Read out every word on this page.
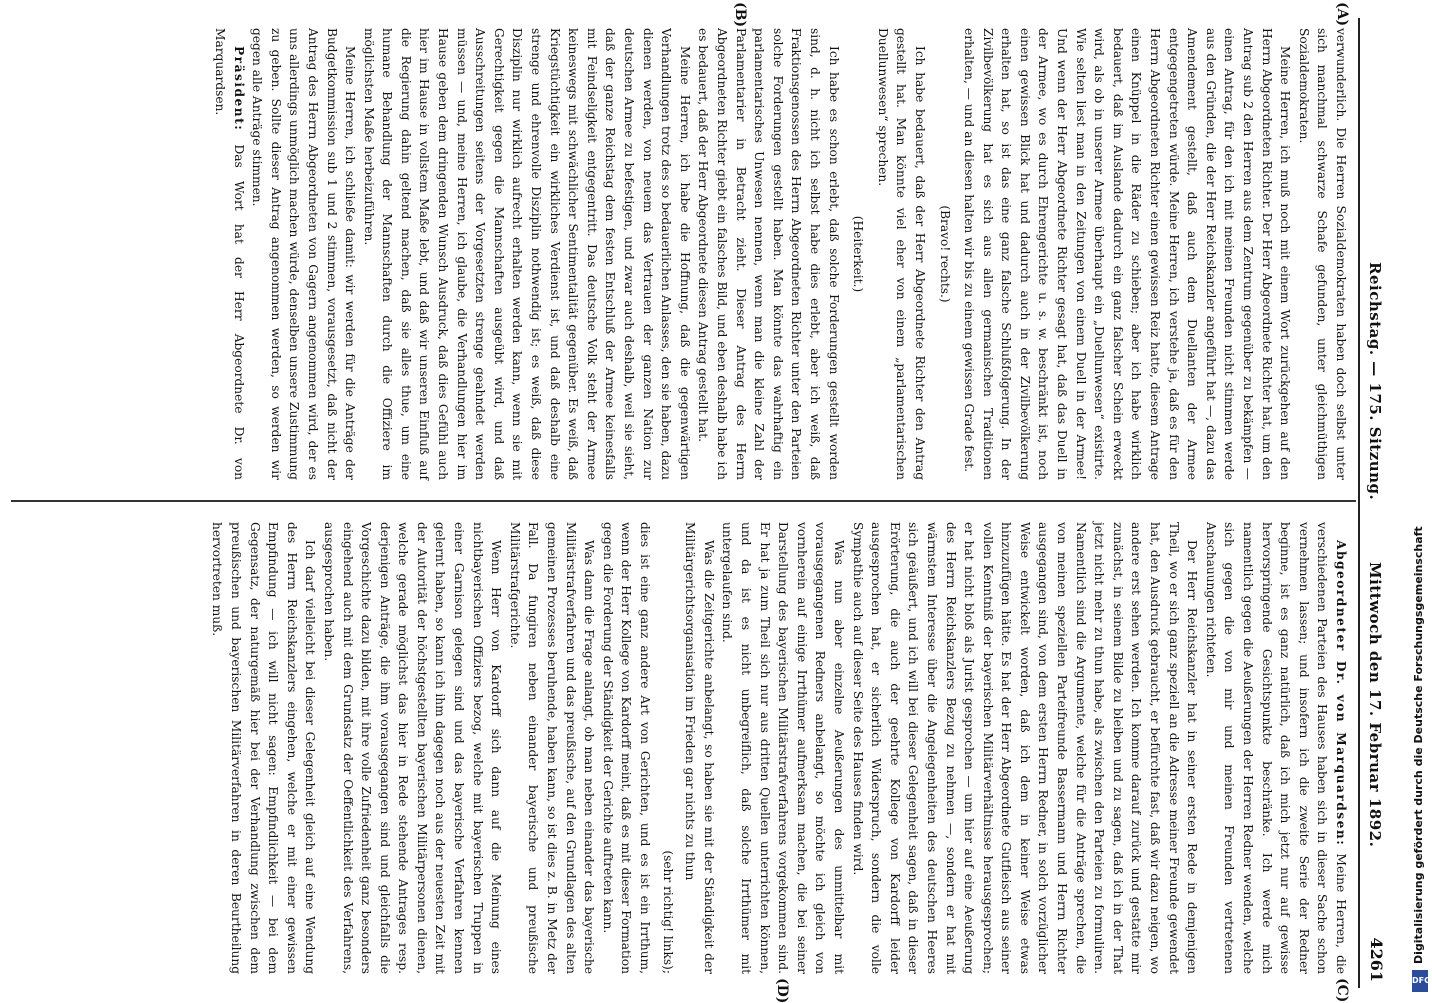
Reichstag. — 175. Sitzung.
Mittwoch den 17. Februar 1892.
4261
(A)
(B)
(C)
(D)

verwunderlich. Die Herren Sozialdemokraten haben doch selbst unter sich manchmal schwarze Schafe gefunden, unter gleichmüthigen Sozialdemokraten.

Meine Herren, ich muß noch mit einem Wort zurückgehen auf den Herrn Abgeordneten Richter. Der Herr Abgeordnete Richter hat, um den Antrag sub 2 den Herren aus dem Zentrum gegenüber zu bekämpfen — einen Antrag, für den ich mit meinen Freunden nicht stimmen werde aus den Gründen, die der Herr Reichskanzler angeführt hat —, dazu das Amendement gestellt, daß auch dem Duellanten der Armee entgegengetreten würde. Meine Herren, ich verstehe ja, daß es für den Herrn Abgeordneten Richter einen gewissen Reiz hatte, diesem Antrage einen Knüppel in die Räder zu schieben; aber ich habe wirklich bedauert, daß im Auslande dadurch ein ganz falscher Schein erweckt wird, als ob in unserer Armee überhaupt ein „Duellunwesen“ existirte. Wie selten liest man in den Zeitungen von einem Duell in der Armee! Und wenn der Herr Abgeordnete Richter gesagt hat, daß das Duell in der Armee, wo es durch Ehrengerichte u. s. w. beschränkt ist, noch einen gewissen Blick hat und dadurch auch in der Zivilbevölkerung erhalten hat, so ist das eine ganz falsche Schlußfolgerung. In der Zivilbevölkerung hat es sich aus allen germanischen Traditionen erhalten, — und an diesen halten wir bis zu einem gewissen Grade fest.

(Bravo! rechts.)

Ich habe bedauert, daß der Herr Abgeordnete Richter den Antrag gestellt hat. Man könnte viel eher von einem „parlamentarischen Duellunwesen“ sprechen.

(Heiterkeit.)

Ich habe es schon erlebt, daß solche Forderungen gestellt worden sind, d. h. nicht ich selbst habe dies erlebt, aber ich weiß, daß Fraktionsgenossen des Herrn Abgeordneten Richter unter den Parteien solche Forderungen gestellt haben. Man könnte das wahrhaftig ein parlamentarisches Unwesen nennen, wenn man die kleine Zahl der Parlamentarier in Betracht zieht. Dieser Antrag des Herrn Abgeordneten Richter giebt ein falsches Bild, und eben deshalb habe ich es bedauert, daß der Herr Abgeordnete diesen Antrag gestellt hat.

Meine Herren, ich habe die Hoffnung, daß die gegenwärtigen Verhandlungen trotz des so bedauerlichen Anlasses, den sie haben, dazu dienen werden, von neuem das Vertrauen der ganzen Nation zur deutschen Armee zu befestigen, und zwar auch deshalb, weil sie sieht, daß der ganze Reichstag dem festen Entschluß der Armee keinesfalls mit Feindseligkeit entgegentritt. Das deutsche Volk steht der Armee keineswegs mit schwächlicher Sentimentalität gegenüber. Es weiß, daß Kriegstüchtigkeit ein wirkliches Verdienst ist, und daß deshalb eine strenge und ehrenvolle Disziplin nothwendig ist; es weiß, daß diese Disziplin nur wirklich aufrecht erhalten werden kann, wenn sie mit Gerechtigkeit gegen die Mannschaften ausgeübt wird, und daß Ausschreitungen seitens der Vorgesetzten strenge geahndet werden müssen — und, meine Herren, ich glaube, die Verhandlungen hier im Hause geben dem dringenden Wunsch Ausdruck, daß dies Gefühl auch hier im Hause in vollstem Maße lebt, und daß wir unseren Einfluß auf die Regierung dahin geltend machen, daß sie alles thue, um eine humane Behandlung der Mannschaften durch die Offiziere im möglichsten Maße herbeizuführen.

Meine Herren, ich schließe damit: wir werden für die Anträge der Budgetkommission sub 1 und 2 stimmen, vorausgesetzt, daß nicht der Antrag des Herrn Abgeordneten von Gagern angenommen wird, der es uns allerdings unmöglich machen würde, denselben unsere Zustimmung zu geben. Sollte dieser Antrag angenommen werden, so werden wir gegen alle Anträge stimmen.

Präsident: Das Wort hat der Herr Abgeordnete Dr. von Marquardsen.

Abgeordneter Dr. von Marquardsen: Meine Herren, die verschiedenen Parteien des Hauses haben sich in dieser Sache schon vernehmen lassen; und insofern ich die zweite Serie der Redner beginne, ist es ganz natürlich, daß ich mich jetzt nur auf gewisse hervorspringende Gesichtspunkte beschränke. Ich werde mich namentlich gegen die Aeußerungen der Herren Redner wenden, welche sich gegen die von mir und meinen Freunden vertretenen Anschauungen richteten.

Der Herr Reichskanzler hat in seiner ersten Rede in demjenigen Theil, wo er sich ganz speziell an die Adresse meiner Freunde gewendet hat, den Ausdruck gebraucht, er befürchte fast, daß wir dazu neigen, wo andere erst sehen werden. Ich komme darauf zurück und gestatte mir zunächst, in seinem Bilde zu bleiben und zu sagen, daß ich in der That jetzt nicht mehr zu thun habe, als zwischen den Parteien zu formuliren. Namentlich sind die Argumente, welche für die Anträge sprechen, die von meinen speziellen Parteifreunde Bassermann und Herrn Richter ausgegangen sind, von dem ersten Herrn Redner, in solch vorzüglicher Weise entwickelt worden, daß ich dem in keiner Weise etwas hinzuzufügen hätte. Es hat der Herr Abgeordnete Gutfleisch aus seiner vollen Kenntniß der bayerischen Militärverhältnisse herausgesprochen; er hat nicht bloß als Jurist gesprochen — um hier auf eine Aeußerung des Herrn Reichskanzlers Bezug zu nehmen —, sondern er hat mit wärmstem Interesse über die Angelegenheiten des deutschen Heeres sich geäußert, und ich will bei dieser Gelegenheit sagen, daß in dieser Erörterung, die auch der geehrte Kollege von Kardorff leider ausgesprochen hat, er sicherlich Widerspruch, sondern die volle Sympathie auch auf dieser Seite des Hauses finden wird.

Was nun aber einzelne Aeußerungen des unmittelbar mit vorausgegangenen Redners anbelangt, so möchte ich gleich von vornherein auf einige Irrthümer aufmerksam machen, die bei seiner Darstellung des bayerischen Militärstrafverfahrens vorgekommen sind. Er hat ja zum Theil sich nur aus dritten Quellen unterrichten können, und da ist es nicht unbegreiflich, daß solche Irrthümer mit untergelaufen sind.

Was die Zeitgerichte anbelangt, so haben sie mit der Ständigkeit der Militärgerichtsorganisation im Frieden gar nichts zu thun

(sehr richtig! links);

dies ist eine ganz andere Art von Gerichten, und es ist ein Irrthum, wenn der Herr Kollege von Kardorff meint, daß es mit dieser Formation gegen die Forderung der Ständigkeit der Gerichte auftreten kann.

Was dann die Frage anlangt, ob man neben einander das bayerische Militärstrafverfahren und das preußische, auf den Grundlagen des alten gemeinen Prozesses beruhende, haben kann, so ist dies z. B. in Metz der Fall. Da fungiren neben einander bayerische und preußische Militärstrafgerichte.

Wenn Herr von Kardorff sich dann auf die Meinung eines nichtbayerischen Offiziers bezog, welche mit bayerischen Truppen in einer Garnison gelegen sind und das bayerische Verfahren kennen gelernt haben, so kann ich ihm dagegen noch aus der neuesten Zeit mit der Autorität der höchstgestellten bayerischen Militärpersonen dienen, welche gerade möglichst das hier in Rede stehende Antrages resp. derjenigen Anträge, die ihm vorausgegangen sind und gleichfalls die Vorgeschichte dazu bilden, mit ihre volle Zufriedenheit ganz besonders eingehend auch mit dem Grundsatz der Oeffentlichkeit des Verfahrens, ausgesprochen haben.

Ich darf vielleicht bei dieser Gelegenheit gleich auf eine Wendung des Herrn Reichskanzlers eingehen, welche er mit einer gewissen Empfindung — ich will nicht sagen: Empfindlichkeit — bei dem Gegensatz, der naturgemäß hier bei der Verhandlung zwischen dem preußischen und bayerischen Militärverfahren in deren Beurtheilung hervortreten muß.	Digitalisierung gefördert durch die Deutsche Forschungsgemeinschaft
DFG
